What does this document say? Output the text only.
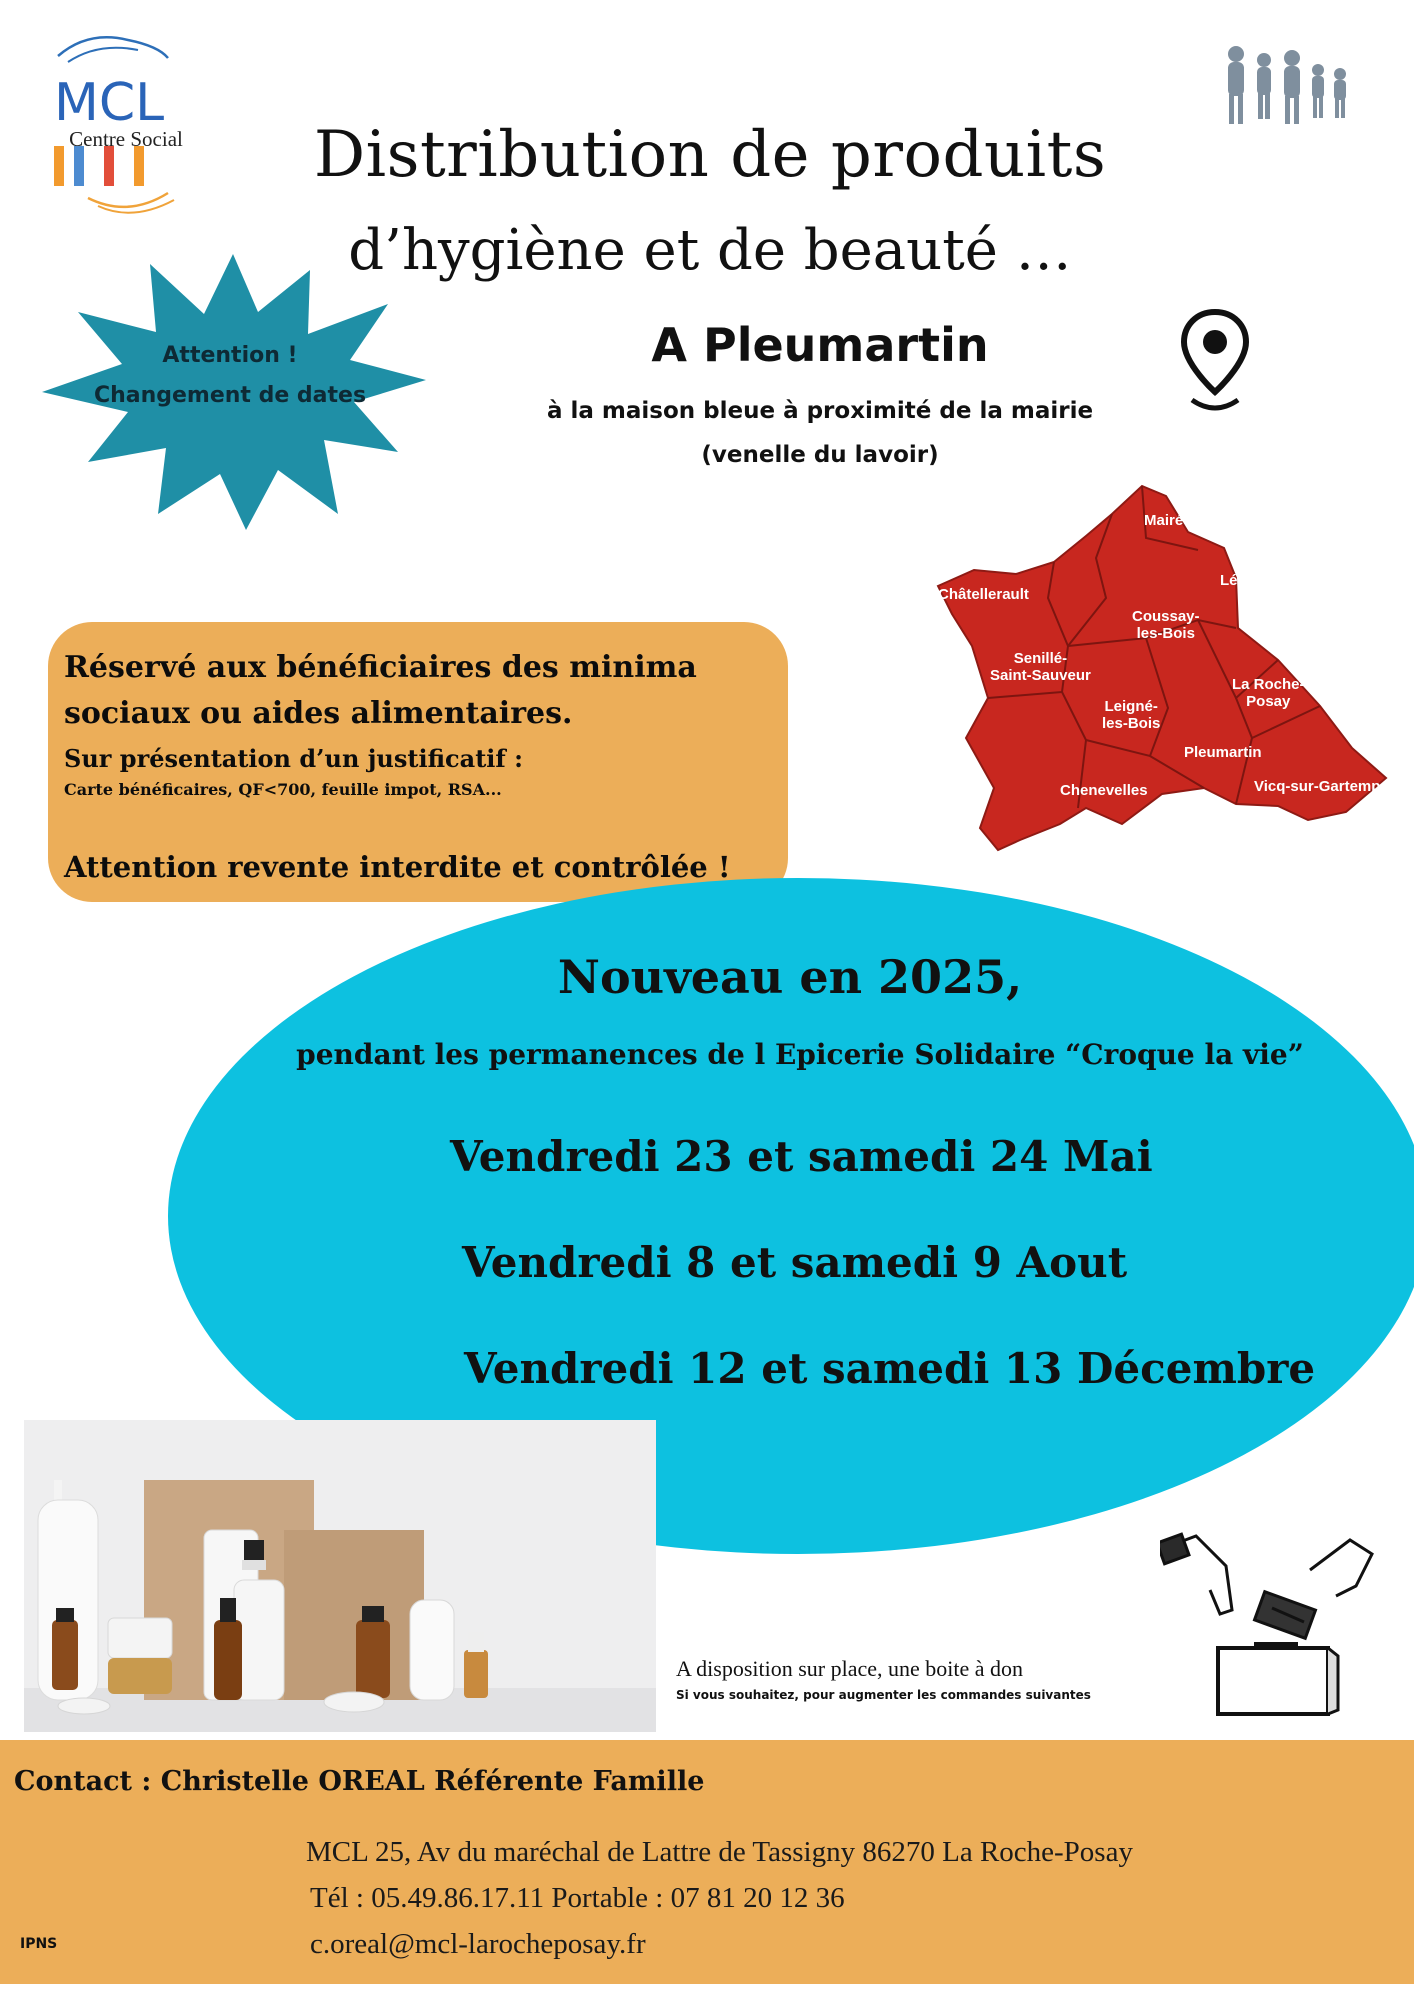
MCL
Centre Social	Distribution de produits
d’hygiène et de beauté …
Attention !
Changement de dates
A Pleumartin
à la maison bleue à proximité de la mairie
(venelle du lavoir)
Mairé
Lésigny
Châtellerault
Coussay-
les-Bois
Senillé-
Saint-Sauveur
La Roche-
Posay
Leigné-
les-Bois
Pleumartin
Chenevelles	Vicq-sur-Gartempe
Réservé aux bénéficiaires des minima
sociaux ou aides alimentaires.
Sur présentation d’un justificatif :
Carte bénéficaires, QF<700, feuille impot, RSA...
Attention revente interdite et contrôlée !
Nouveau en 2025,
pendant les permanences de l Epicerie Solidaire “Croque la vie”
Vendredi 23 et samedi 24 Mai
Vendredi 8 et samedi 9 Aout
Vendredi 12 et samedi 13 Décembre
A disposition sur place, une boite à don
Si vous souhaitez, pour augmenter les commandes suivantes
Contact : Christelle OREAL Référente Famille
MCL 25, Av du maréchal de Lattre de Tassigny 86270 La Roche-Posay
Tél : 05.49.86.17.11 Portable : 07 81 20 12 36
c.oreal@mcl-larocheposay.fr
IPNS
